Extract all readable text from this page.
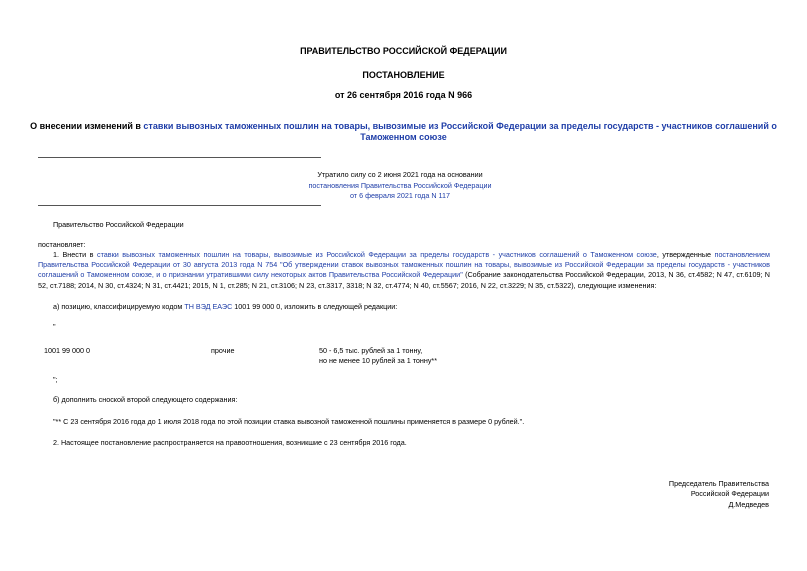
ПРАВИТЕЛЬСТВО РОССИЙСКОЙ ФЕДЕРАЦИИ
ПОСТАНОВЛЕНИЕ
от 26 сентября 2016 года N 966
О внесении изменений в ставки вывозных таможенных пошлин на товары, вывозимые из Российской Федерации за пределы государств - участников соглашений о Таможенном союзе
Утратило силу со 2 июня 2021 года на основании
постановления Правительства Российской Федерации
от 6 февраля 2021 года N 117
Правительство Российской Федерации
постановляет:
1. Внести в ставки вывозных таможенных пошлин на товары, вывозимые из Российской Федерации за пределы государств - участников соглашений о Таможенном союзе, утвержденные постановлением Правительства Российской Федерации от 30 августа 2013 года N 754 "Об утверждении ставок вывозных таможенных пошлин на товары, вывозимые из Российской Федерации за пределы государств - участников соглашений о Таможенном союзе, и о признании утратившими силу некоторых актов Правительства Российской Федерации" (Собрание законодательства Российской Федерации, 2013, N 36, ст.4582; N 47, ст.6109; N 52, ст.7188; 2014, N 30, ст.4324; N 31, ст.4421; 2015, N 1, ст.285; N 21, ст.3106; N 23, ст.3317, 3318; N 32, ст.4774; N 40, ст.5567; 2016, N 22, ст.3229; N 35, ст.5322), следующие изменения:
а) позицию, классифицируемую кодом ТН ВЭД ЕАЭС 1001 99 000 0, изложить в следующей редакции:
"
1001 99 000 0	прочие	50 - 6,5 тыс. рублей за 1 тонну,
но не менее 10 рублей за 1 тонну**
";
б) дополнить сноской второй следующего содержания:
"** С 23 сентября 2016 года до 1 июля 2018 года по этой позиции ставка вывозной таможенной пошлины применяется в размере 0 рублей.".
2. Настоящее постановление распространяется на правоотношения, возникшие с 23 сентября 2016 года.
Председатель Правительства
Российской Федерации
Д.Медведев
